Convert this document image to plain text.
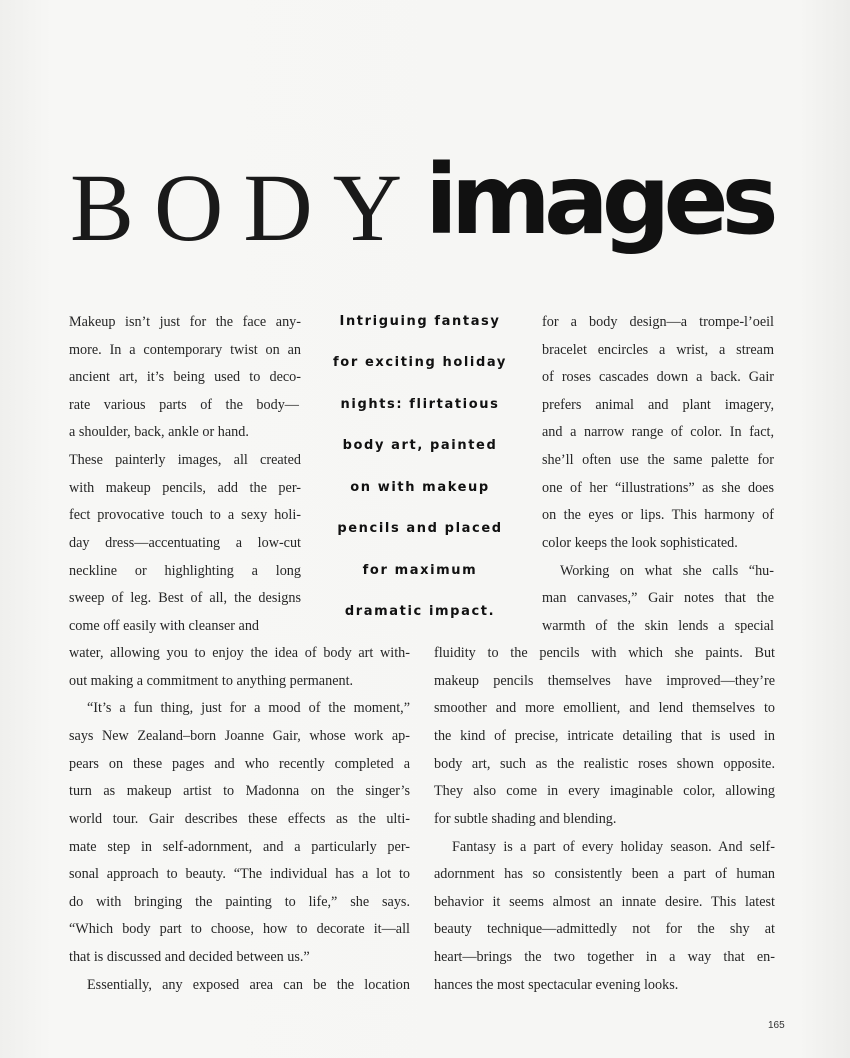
BODY images
Makeup isn’t just for the face any-
more. In a contemporary twist on an
ancient art, it’s being used to deco-
rate various parts of the body—
a shoulder, back, ankle or hand.
These painterly images, all created
with makeup pencils, add the per-
fect provocative touch to a sexy holi-
day dress—accentuating a low-cut
neckline or highlighting a long
sweep of leg. Best of all, the designs
come off easily with cleanser and
Intriguing fantasy
for exciting holiday
nights: flirtatious
body art, painted
on with makeup
pencils and placed
for maximum
dramatic impact.
for a body design—a trompe-l’oeil
bracelet encircles a wrist, a stream
of roses cascades down a back. Gair
prefers animal and plant imagery,
and a narrow range of color. In fact,
she’ll often use the same palette for
one of her “illustrations” as she does
on the eyes or lips. This harmony of
color keeps the look sophisticated.
Working on what she calls “hu-
man canvases,” Gair notes that the
warmth of the skin lends a special
water, allowing you to enjoy the idea of body art with-
out making a commitment to anything permanent.
“It’s a fun thing, just for a mood of the moment,”
says New Zealand–born Joanne Gair, whose work ap-
pears on these pages and who recently completed a
turn as makeup artist to Madonna on the singer’s
world tour. Gair describes these effects as the ulti-
mate step in self-adornment, and a particularly per-
sonal approach to beauty. “The individual has a lot to
do with bringing the painting to life,” she says.
“Which body part to choose, how to decorate it—all
that is discussed and decided between us.”
Essentially, any exposed area can be the location
fluidity to the pencils with which she paints. But
makeup pencils themselves have improved—they’re
smoother and more emollient, and lend themselves to
the kind of precise, intricate detailing that is used in
body art, such as the realistic roses shown opposite.
They also come in every imaginable color, allowing
for subtle shading and blending.
Fantasy is a part of every holiday season. And self-
adornment has so consistently been a part of human
behavior it seems almost an innate desire. This latest
beauty technique—admittedly not for the shy at
heart—brings the two together in a way that en-
hances the most spectacular evening looks.
165
